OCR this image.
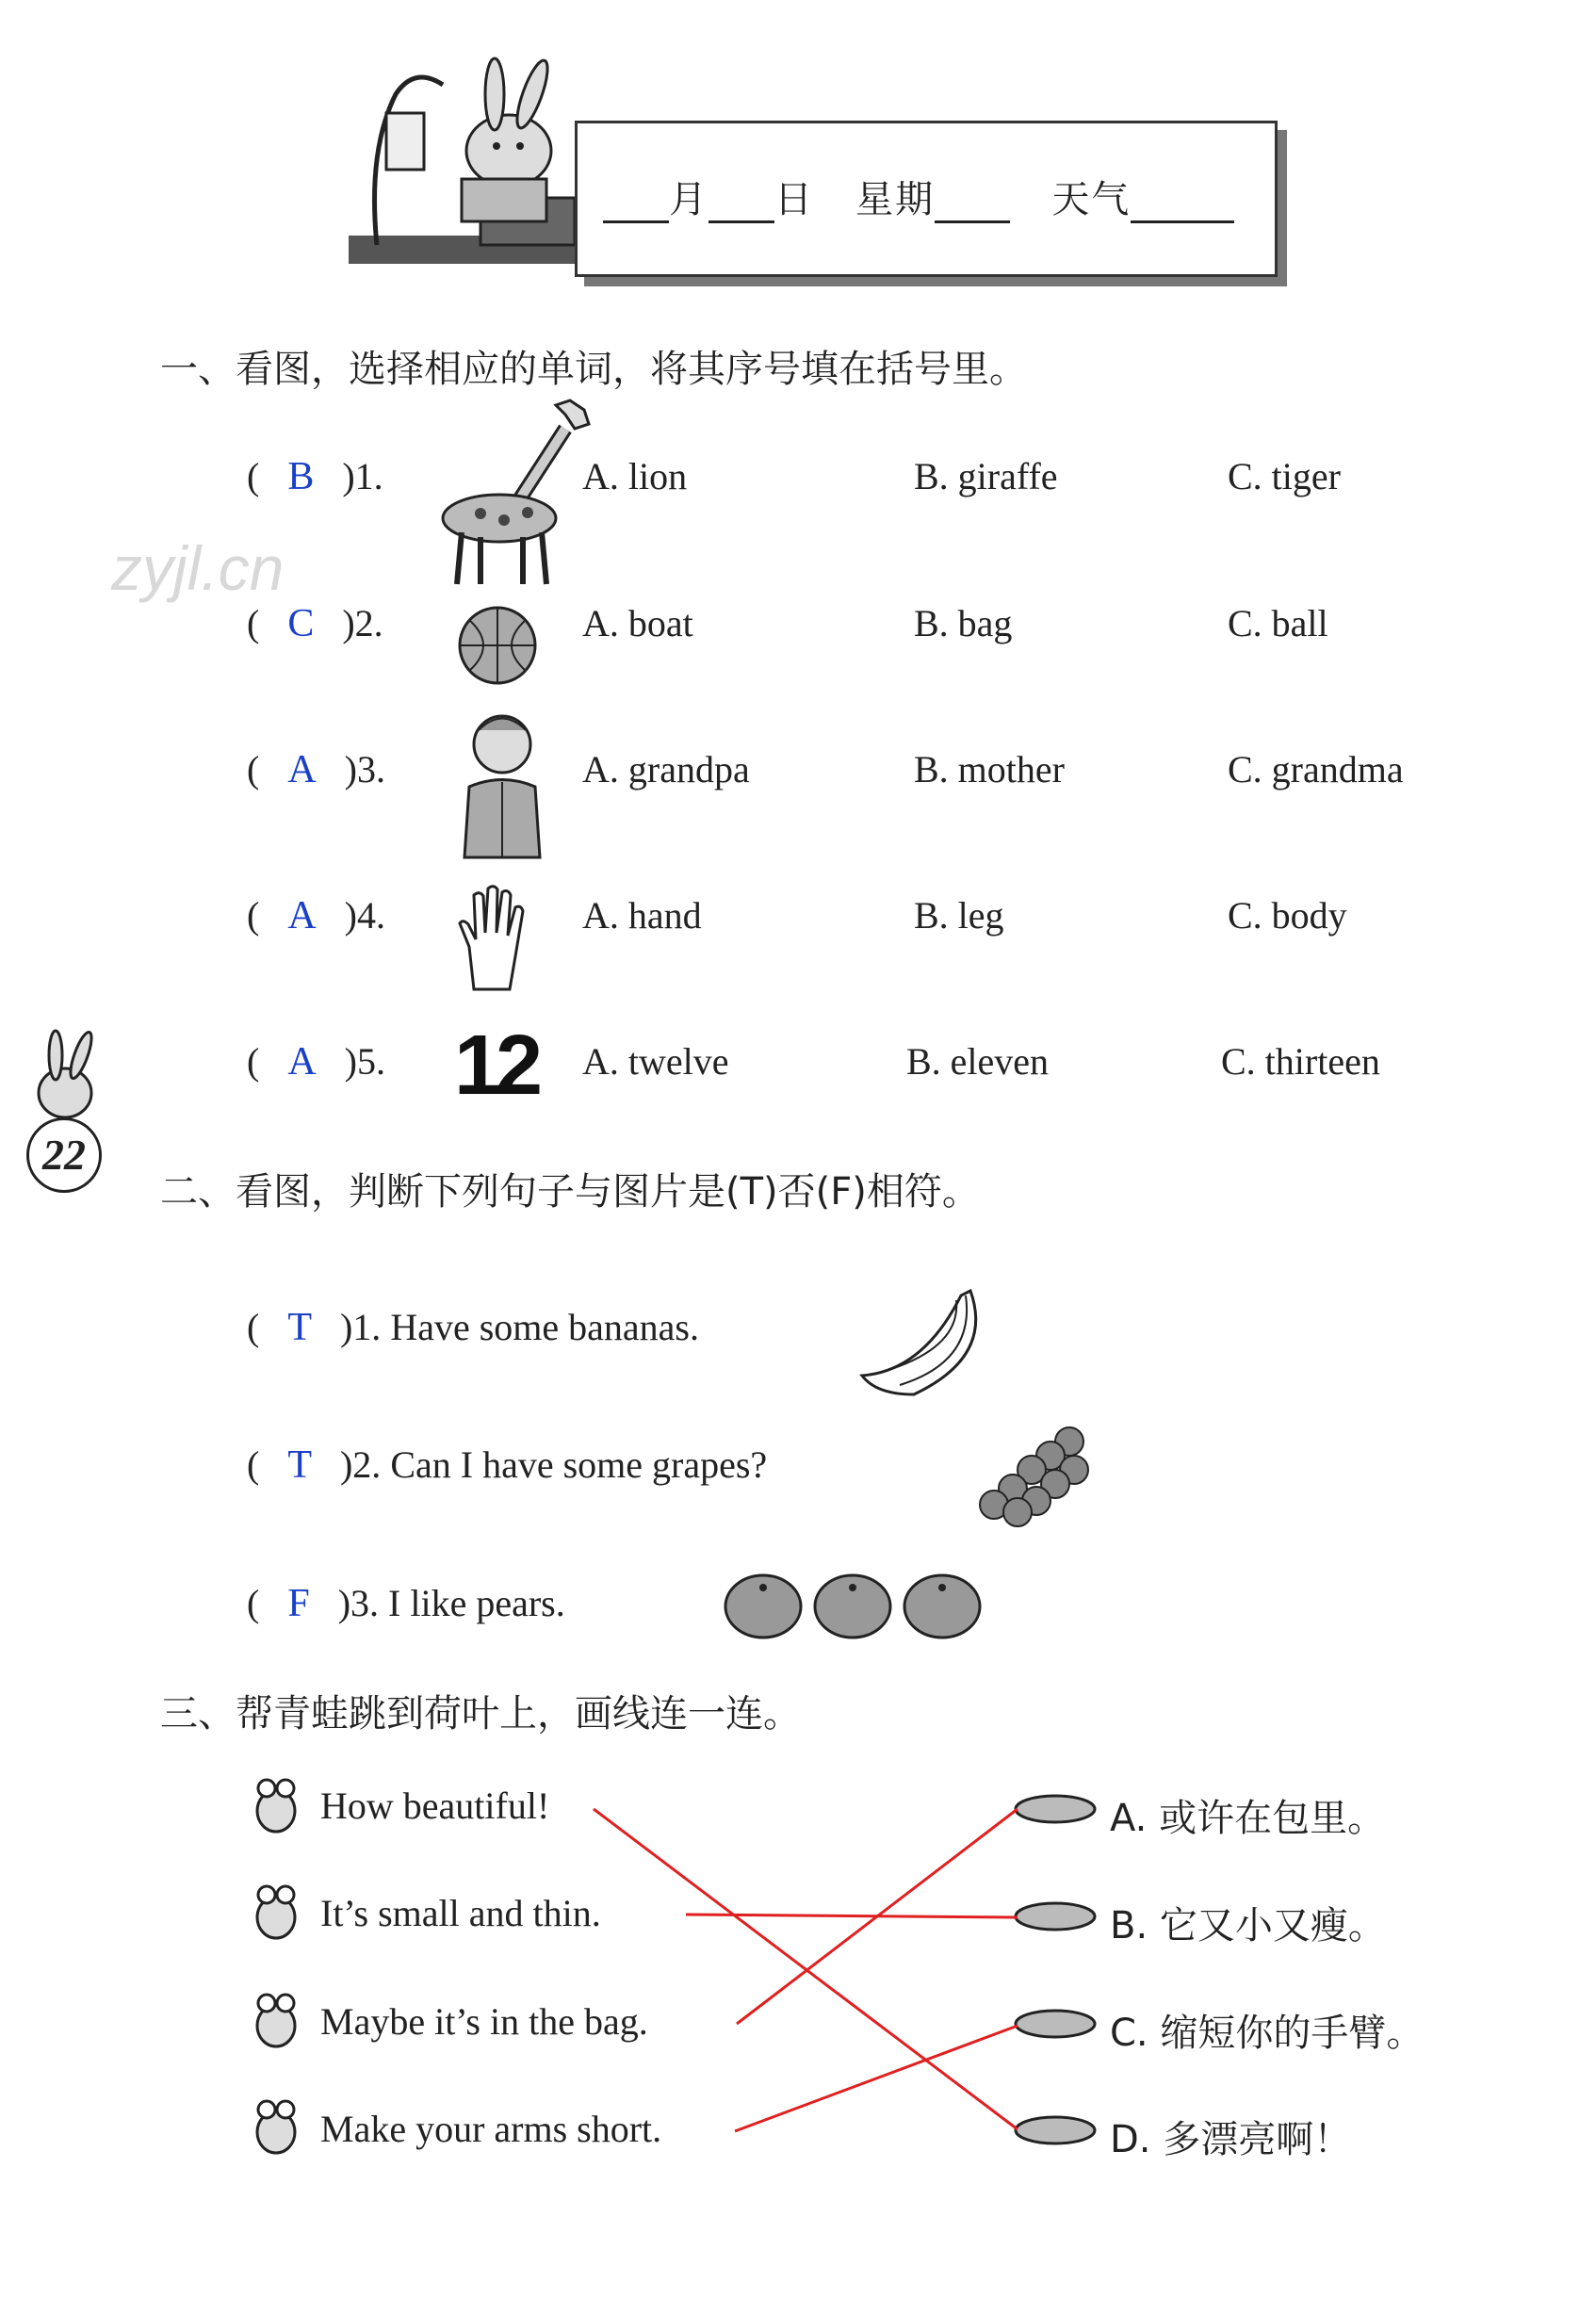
月 日 星期	天气
zyjl.cn
22
一、看图，选择相应的单词，将其序号填在括号里。
( B )1.	A. lion	B. giraffe	C. tiger
( C )2.	A. boat	B. bag	C. ball
( A )3.	A. grandpa	B. mother	C. grandma
( A )4.	A. hand	B. leg	C. body
( A )5. 12 A. twelve	B. eleven	C. thirteen
二、看图，判断下列句子与图片是(T)否(F)相符。
( T )1. Have some bananas.
( T )2. Can I have some grapes?
( F )3. I like pears.
三、帮青蛙跳到荷叶上，画线连一连。
How beautiful!
It’s small and thin.
Maybe it’s in the bag.
Make your arms short.
A. 或许在包里。
B. 它又小又瘦。
C. 缩短你的手臂。
D. 多漂亮啊！
